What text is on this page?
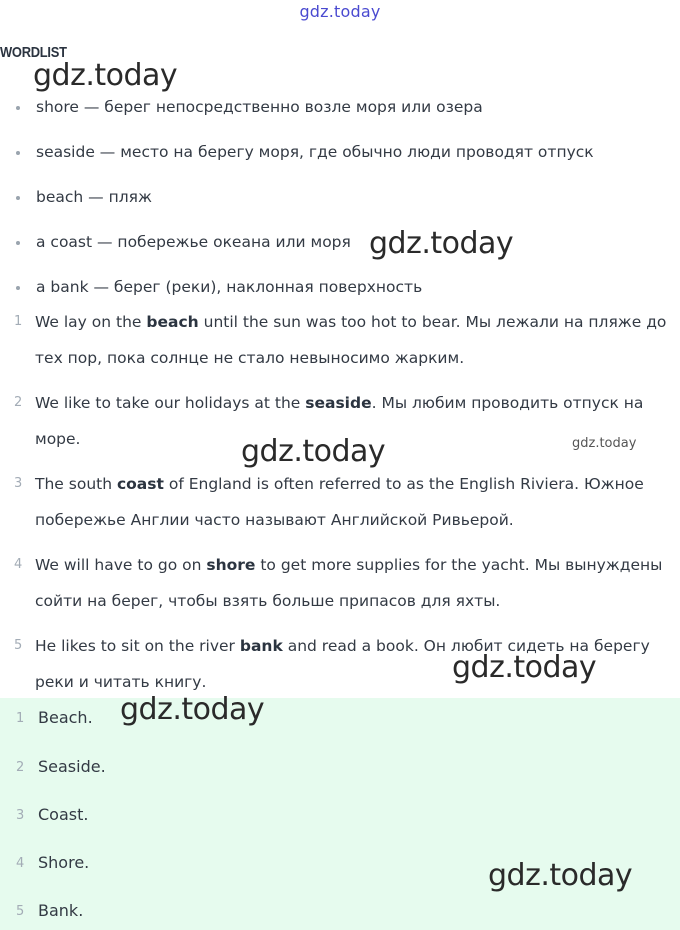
gdz.today
WORDLIST
shore — берег непосредственно возле моря или озера
seaside — место на берегу моря, где обычно люди проводят отпуск
beach — пляж
a coast — побережье океана или моря
a bank — берег (реки), наклонная поверхность
1 We lay on the beach until the sun was too hot to bear. Мы лежали на пляже до тех пор, пока солнце не стало невыносимо жарким.
2 We like to take our holidays at the seaside. Мы любим проводить отпуск на море.
3 The south coast of England is often referred to as the English Riviera. Южное побережье Англии часто называют Английской Ривьерой.
4 We will have to go on shore to get more supplies for the yacht. Мы вынуждены сойти на берег, чтобы взять больше припасов для яхты.
5 He likes to sit on the river bank and read a book. Он любит сидеть на берегу реки и читать книгу.
1 Beach.
2 Seaside.
3 Coast.
4 Shore.
5 Bank.
gdz.today
gdz.today
gdz.today	gdz.today
gdz.today
gdz.today
gdz.today
